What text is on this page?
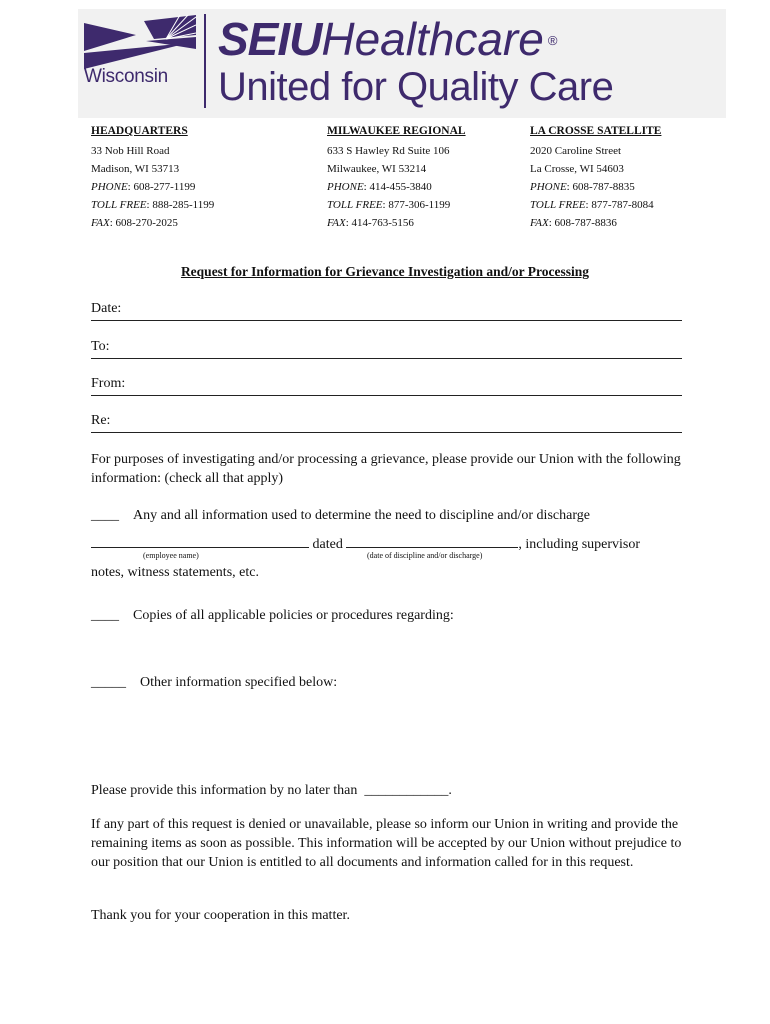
Wisconsin
SEIUHealthcare ®
United for Quality Care
HEADQUARTERS
33 Nob Hill Road
Madison, WI 53713
PHONE: 608-277-1199
TOLL FREE: 888-285-1199
FAX: 608-270-2025
MILWAUKEE REGIONAL
633 S Hawley Rd Suite 106
Milwaukee, WI 53214
PHONE: 414-455-3840
TOLL FREE: 877-306-1199
FAX: 414-763-5156
LA CROSSE SATELLITE
2020 Caroline Street
La Crosse, WI 54603
PHONE: 608-787-8835
TOLL FREE: 877-787-8084
FAX: 608-787-8836
Request for Information for Grievance Investigation and/or Processing
Date:
To:
From:
Re:
For purposes of investigating and/or processing a grievance, please provide our Union with the following information: (check all that apply)
____ Any and all information used to determine the need to discipline and/or discharge
dated	, including supervisor
(employee name)	(date of discipline and/or discharge)
notes, witness statements, etc.
____ Copies of all applicable policies or procedures regarding:
_____ Other information specified below:
Please provide this information by no later than ____________.
If any part of this request is denied or unavailable, please so inform our Union in writing and provide the remaining items as soon as possible. This information will be accepted by our Union without prejudice to our position that our Union is entitled to all documents and information called for in this request.
Thank you for your cooperation in this matter.
